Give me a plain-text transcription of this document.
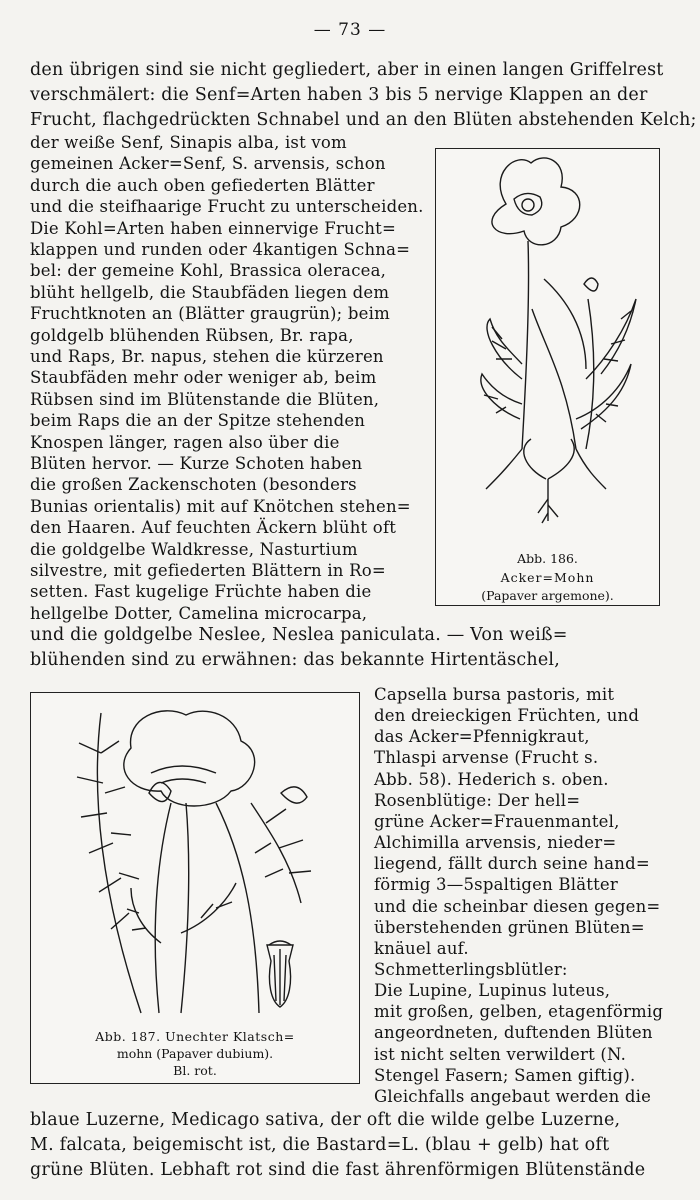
— 73 —
den übrigen sind sie nicht gegliedert, aber in einen langen Griffelrest
verschmälert: die Senf=Arten haben 3 bis 5 nervige Klappen an der
Frucht, flachgedrückten Schnabel und an den Blüten abstehenden Kelch;
der weiße Senf, Sinapis alba, ist vom
gemeinen Acker=Senf, S. arvensis, schon
durch die auch oben gefiederten Blätter
und die steifhaarige Frucht zu unterscheiden.
Die Kohl=Arten haben einnervige Frucht=
klappen und runden oder 4kantigen Schna=
bel: der gemeine Kohl, Brassica oleracea,
blüht hellgelb, die Staubfäden liegen dem
Fruchtknoten an (Blätter graugrün); beim
goldgelb blühenden Rübsen, Br. rapa,
und Raps, Br. napus, stehen die kürzeren
Staubfäden mehr oder weniger ab, beim
Rübsen sind im Blütenstande die Blüten,
beim Raps die an der Spitze stehenden
Knospen länger, ragen also über die
Blüten hervor. — Kurze Schoten haben
die großen Zackenschoten (besonders
Bunias orientalis) mit auf Knötchen stehen=
den Haaren. Auf feuchten Äckern blüht oft
die goldgelbe Waldkresse, Nasturtium
silvestre, mit gefiederten Blättern in Ro=
setten. Fast kugelige Früchte haben die
hellgelbe Dotter, Camelina microcarpa,
und die goldgelbe Neslee, Neslea paniculata. — Von weiß=
blühenden sind zu erwähnen: das bekannte Hirtentäschel,
Capsella bursa pastoris, mit
den dreieckigen Früchten, und
das Acker=Pfennigkraut,
Thlaspi arvense (Frucht s.
Abb. 58). Hederich s. oben.
Rosenblütige: Der hell=
grüne Acker=Frauenmantel,
Alchimilla arvensis, nieder=
liegend, fällt durch seine hand=
förmig 3—5spaltigen Blätter
und die scheinbar diesen gegen=
überstehenden grünen Blüten=
knäuel auf.
Schmetterlingsblütler:
Die Lupine, Lupinus luteus,
mit großen, gelben, etagenförmig
angeordneten, duftenden Blüten
ist nicht selten verwildert (N.
Stengel Fasern; Samen giftig).
Abb. 186.
Acker=Mohn
(Papaver argemone).
Abb. 187. Unechter Klatsch=
mohn (Papaver dubium).
Bl. rot.
Gleichfalls angebaut werden die
blaue Luzerne, Medicago sativa, der oft die wilde gelbe Luzerne,
M. falcata, beigemischt ist, die Bastard=L. (blau + gelb) hat oft
grüne Blüten. Lebhaft rot sind die fast ährenförmigen Blütenstände
